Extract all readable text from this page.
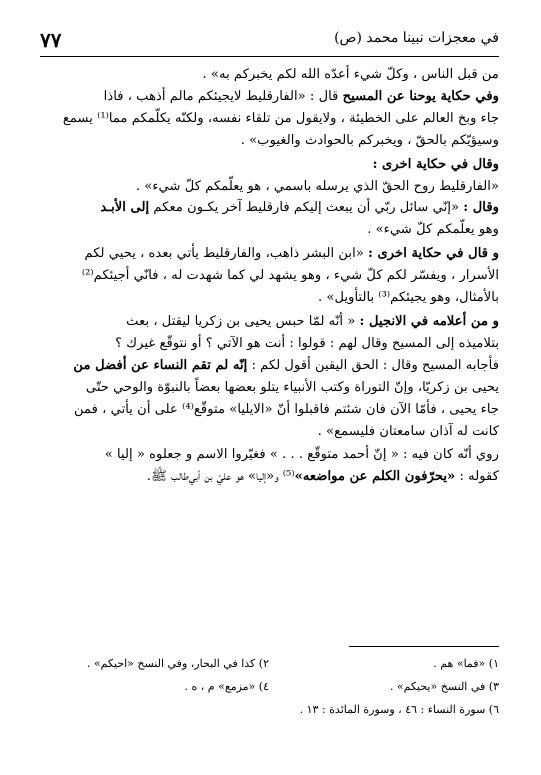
٧٧	في معجزات نبينا محمد (ص)

من قبل الناس ، وكلّ شيء أعدّه الله لكم يخبركم به» .

وفي حكاية يوحنا عن المسيح قال : «الفارقليط لايجيئكم مالم أذهب ، فاذا

جاء وبخ العالم على الخطيئة ، ولايقول من تلقاء نفسه، ولكنّه يكلّمكم مما⁽¹⁾ يسمع

وسيؤيّكم بالحقّ ، ويخبركم بالحوادث والغيوب» .

وقال في حكاية اخرى :

«الفارقليط روح الحقّ الذي يرسله باسمي ، هو يعلّمكم كلّ شيء» .

وقال : «إنّي سائل ربّي أن يبعث إليكم فارقليط آخر يكـون معكم إلى الأبـد

وهو يعلّمكم كلّ شيء» .

و قال في حكاية اخرى : «ابن البشر ذاهب، والفارقليط يأتي بعده ، يحيي لكم

الأسرار ، ويفسّر لكم كلّ شيء ، وهو يشهد لي كما شهدت له ، فانّي أجيئكم⁽²⁾

بالأمثال، وهو يجيئكم⁽³⁾ بالتأويل» .

و من أعلامه في الانجيل : « أنّه لمّا حبس يحيى بن زكريا ليقتل ، بعث

بتلاميذه إلى المسيح وقال لهم : قولوا : أنت هو الآتي ؟ أو نتوقّع غيرك ؟

فأجابه المسيح وقال : الحق اليقين أقول لكم : إنّه لم تقم النساء عن أفضل من

يحيى بن زكريّا، وإنّ التوراة وكتب الأنبياء يتلو بعضها بعضاً بالنبوّة والوحي حتّى

جاء يحيى ، فأمّا الآن فان شئتم فاقبلوا أنّ «الايليا» متوقّع⁽⁴⁾ على أن يأتي ، فمن

كانت له آذان سامعتان فليسمع» .

روي أنّه كان فيه : « إنّ أحمد متوقّع . . . » فغيّروا الاسم و جعلوه « إليا »

كقوله : «يحرّفون الكلم عن مواضعه»⁽⁵⁾ و«إليا» هو عليّ بن أبي‌طالب ﷺ.

١) «فما» هم .
٢) كذا في البحار، وفي النسخ «احيكم» .
٣) في النسخ «يحيكم» .
٤) «مزمع» م ، ه .
٦) سورة النساء : ٤٦ ، وسورة المائدة : ١٣ .
